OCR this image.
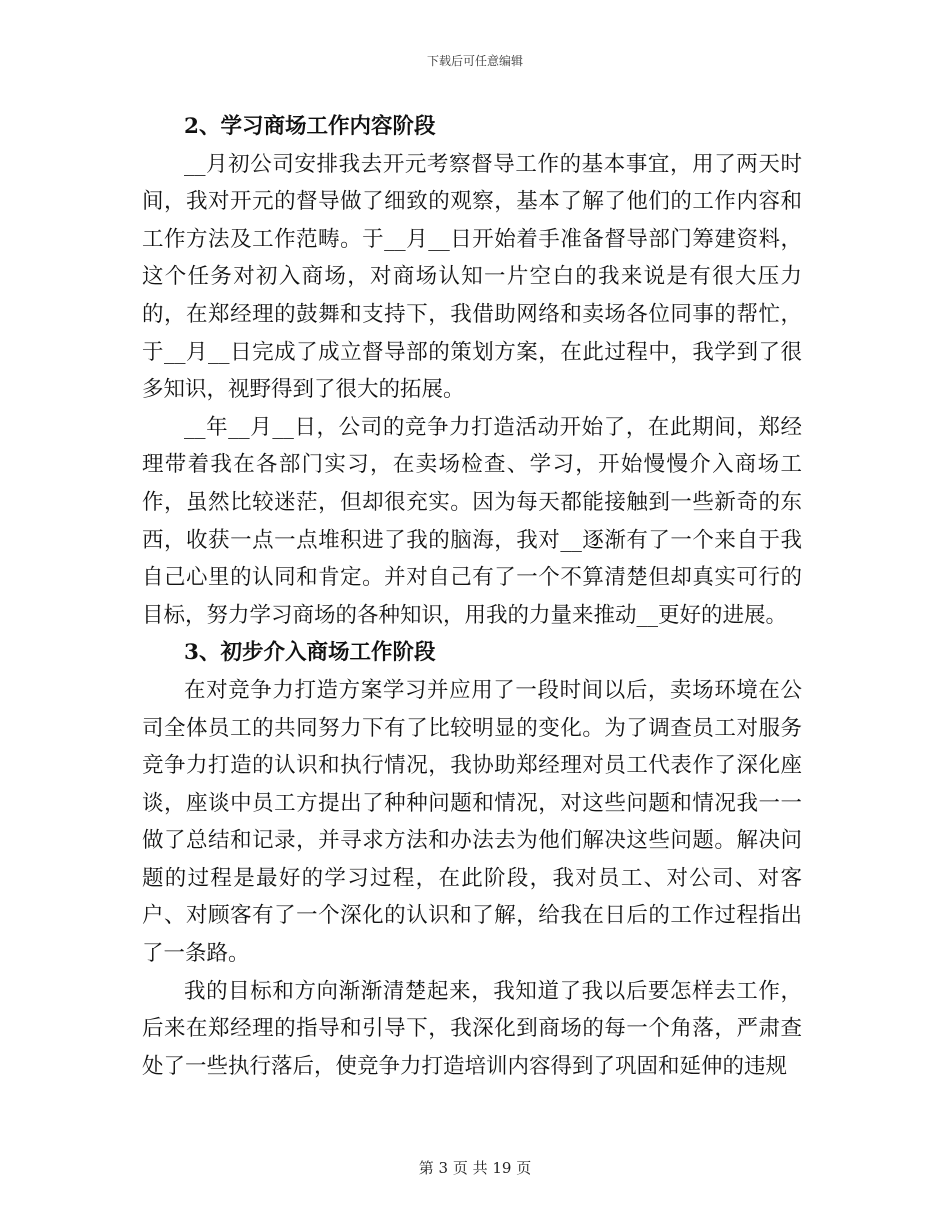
下载后可任意编辑

2、学习商场工作内容阶段

__月初公司安排我去开元考察督导工作的基本事宜，用了两天时间，我对开元的督导做了细致的观察，基本了解了他们的工作内容和工作方法及工作范畴。于__月__日开始着手准备督导部门筹建资料，这个任务对初入商场，对商场认知一片空白的我来说是有很大压力的，在郑经理的鼓舞和支持下，我借助网络和卖场各位同事的帮忙，于__月__日完成了成立督导部的策划方案，在此过程中，我学到了很多知识，视野得到了很大的拓展。

__年__月__日，公司的竞争力打造活动开始了，在此期间，郑经理带着我在各部门实习，在卖场检查、学习，开始慢慢介入商场工作，虽然比较迷茫，但却很充实。因为每天都能接触到一些新奇的东西，收获一点一点堆积进了我的脑海，我对__逐渐有了一个来自于我自己心里的认同和肯定。并对自己有了一个不算清楚但却真实可行的目标，努力学习商场的各种知识，用我的力量来推动__更好的进展。

3、初步介入商场工作阶段

在对竞争力打造方案学习并应用了一段时间以后，卖场环境在公司全体员工的共同努力下有了比较明显的变化。为了调查员工对服务竞争力打造的认识和执行情况，我协助郑经理对员工代表作了深化座谈，座谈中员工方提出了种种问题和情况，对这些问题和情况我一一做了总结和记录，并寻求方法和办法去为他们解决这些问题。解决问题的过程是最好的学习过程，在此阶段，我对员工、对公司、对客户、对顾客有了一个深化的认识和了解，给我在日后的工作过程指出了一条路。

我的目标和方向渐渐清楚起来，我知道了我以后要怎样去工作，后来在郑经理的指导和引导下，我深化到商场的每一个角落，严肃查处了一些执行落后，使竞争力打造培训内容得到了巩固和延伸的违规

第 3 页 共 19 页
